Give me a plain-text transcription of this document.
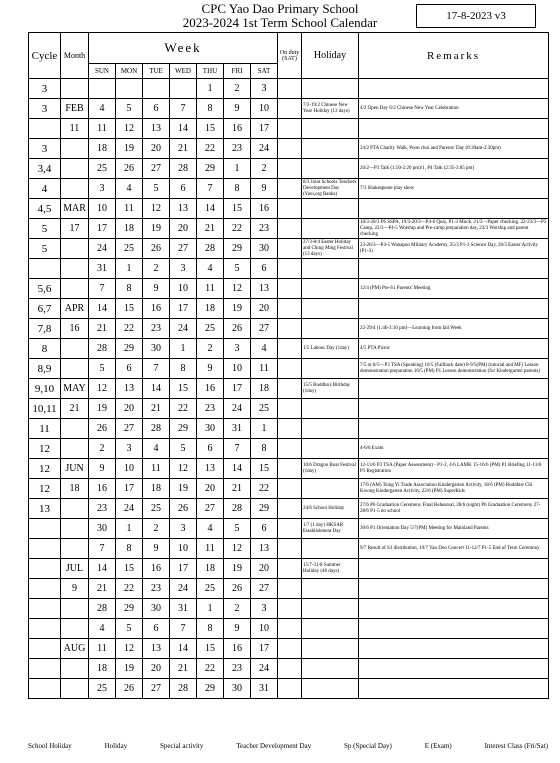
CPC Yao Dao Primary School
2023-2024 1st Term School Calendar	17-8-2023 v3
Cycle	Month	Week							On duty (SAT)	Holiday	Remarks
		SUN	MON	TUE	WED	THU	FRI	SAT			
3						1	2	3			
3	FEB	4	5	6	7	8	9	10		7/2-19/2 Chinese New Year Holiday (13 days)	4/2 Open Day 6/2 Chinese New Year Celebration
	11	11	12	13	14	15	16	17			
3		18	19	20	21	22	23	24			24/2 PTA Charity Walk, Poon choi and Parents' Day (8:30am-2:30pm)
3,4		25	26	27	28	29	1	2			26/2—P3 Talk (1:50-2:20 pm)/1, P4 Talk (2:35-3:05 pm)
4		3	4	5	6	7	8	9		8/3 Joint Schools Teachers Development Day (Yaoi,org Banks)	7/3 Shakespeare play show
4,5	MAR	10	11	12	13	14	15	16			
5	17	17	18	19	20	21	22	23			18/3-20/3 P6 SSPA, 19/3-20/3—P4-6 Quiz, P1-3 Mock. 21/3—Paper checking. 22-23/3—P5 Camp, 22/3—P4-5 Worship and Pre-camp preparation day, 23/3 Worship and parent checking
5		24	25	26	27	28	29	30		27/3-8/4 Easter Holiday and Ching Ming Festival (13 days)	23-26/3—P4-5 Wanapoo Military Academy, 25/3 P1-3 Science Day, 26/3 Easter Activity (P1-3)
		31	1	2	3	4	5	6			
5,6		7	8	9	10	11	12	13			12/4 (PM) Pre-S1 Parents' Meeting
6,7	APR	14	15	16	17	18	19	20			
7,8	16	21	22	23	24	25	26	27			22-29/4 (1:40-3:10 pm)—Learning from fail Week
8		28	29	30	1	2	3	4		1/5 Labour Day (1day)	4/5 PTA Picnic
8,9		5	6	7	8	9	10	11			7/5 or 8/5—P3 TSA (Speaking) 10/5 (Fallback date) 8-9/5(PM) (tutorial and MF) Lesson demonstration preparation 10/5 (PM) P1 Lesson demonstration (for Kindergarten parents)
9,10	MAY	12	13	14	15	16	17	18		15/5 Buddha's Birthday (1day)	
10,11	21	19	20	21	22	23	24	25			
11		26	27	28	29	30	31	1			
12		2	3	4	5	6	7	8			4-6/6 Exam
12	JUN	9	10	11	12	13	14	15		10/6 Dragon Boat Festival (1day)	12-13/6 P3 TSA (Paper Assessment) - P1-2, 4-6 LAMK 15-16/6 (PM) P1 Briefing 11-13/6 P1 Registration
12	18	16	17	18	19	20	21	22			17/6 (AM) Tsing Yi Trade Association Kindergarten Activity, 18/6 (PM) Buddhist Chi Kwong Kindergarten Activity, 22/6 (PM) SuperKids
13		23	24	25	26	27	28	29		24/6 School Holiday	27/6 P6 Graduation Ceremony Final Rehearsal, 28/6 (night) P6 Graduation Ceremony 27-28/6 P1-5 no school
		30	1	2	3	4	5	6		1/7 (1 day) HKSAR Establishment Day	30/6 P1 Orientation Day 5/7(PM) Meeting for Mainland Parents
		7	8	9	10	11	12	13			9/7 Result of S1 distribution, 10/7 Yao Doo Concert 11-12/7 P1-5 End of Term Ceremony
	JUL	14	15	16	17	18	19	20		15/7-31/8 Summer Holiday (48 days)	
	9	21	22	23	24	25	26	27			
		28	29	30	31	1	2	3			
		4	5	6	7	8	9	10			
	AUG	11	12	13	14	15	16	17			
		18	19	20	21	22	23	24			
		25	26	27	28	29	30	31			
School Holiday	Holiday	Special activity	Teacher Development Day	Sp (Special Day)	E (Exam)	Interest Class (Fri/Sat)
